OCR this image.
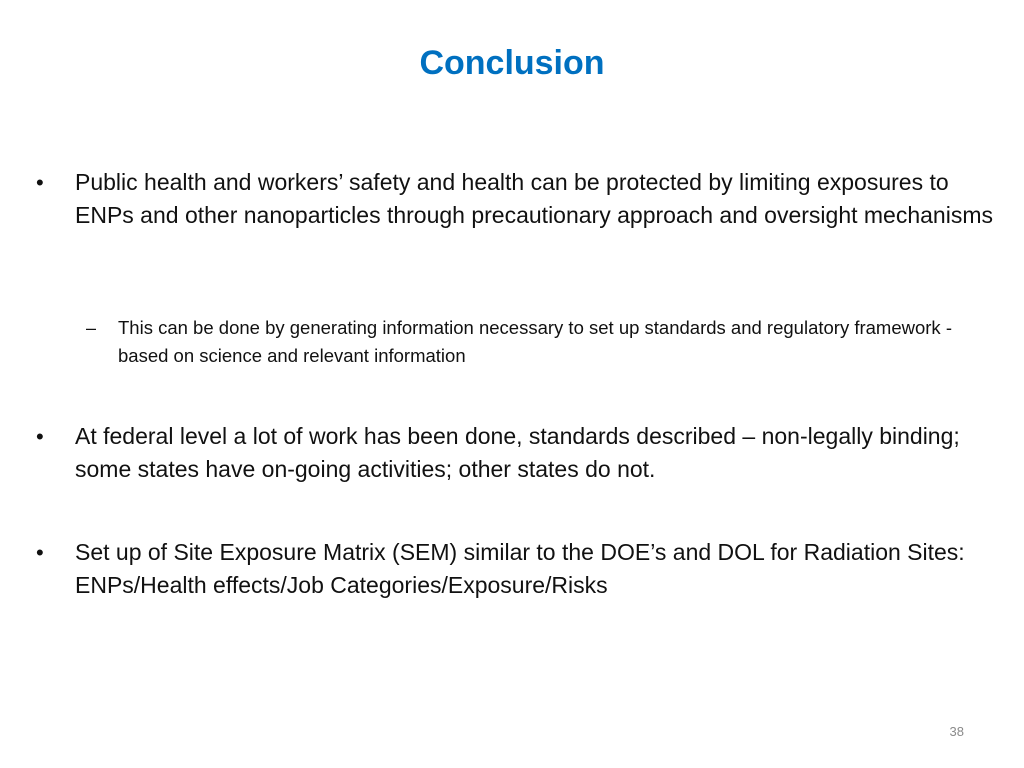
Conclusion
•	Public health and workers’ safety and health can be protected by limiting exposures to ENPs and other nanoparticles through precautionary approach and oversight mechanisms
–	This can be done by generating information necessary to set up standards and regulatory framework - based on science and relevant information
•	At federal level a lot of work has been done, standards described – non-legally binding; some states have on-going activities; other states do not.
•	Set up of Site Exposure Matrix (SEM) similar to the DOE’s and DOL for Radiation Sites: ENPs/Health effects/Job Categories/Exposure/Risks
38
